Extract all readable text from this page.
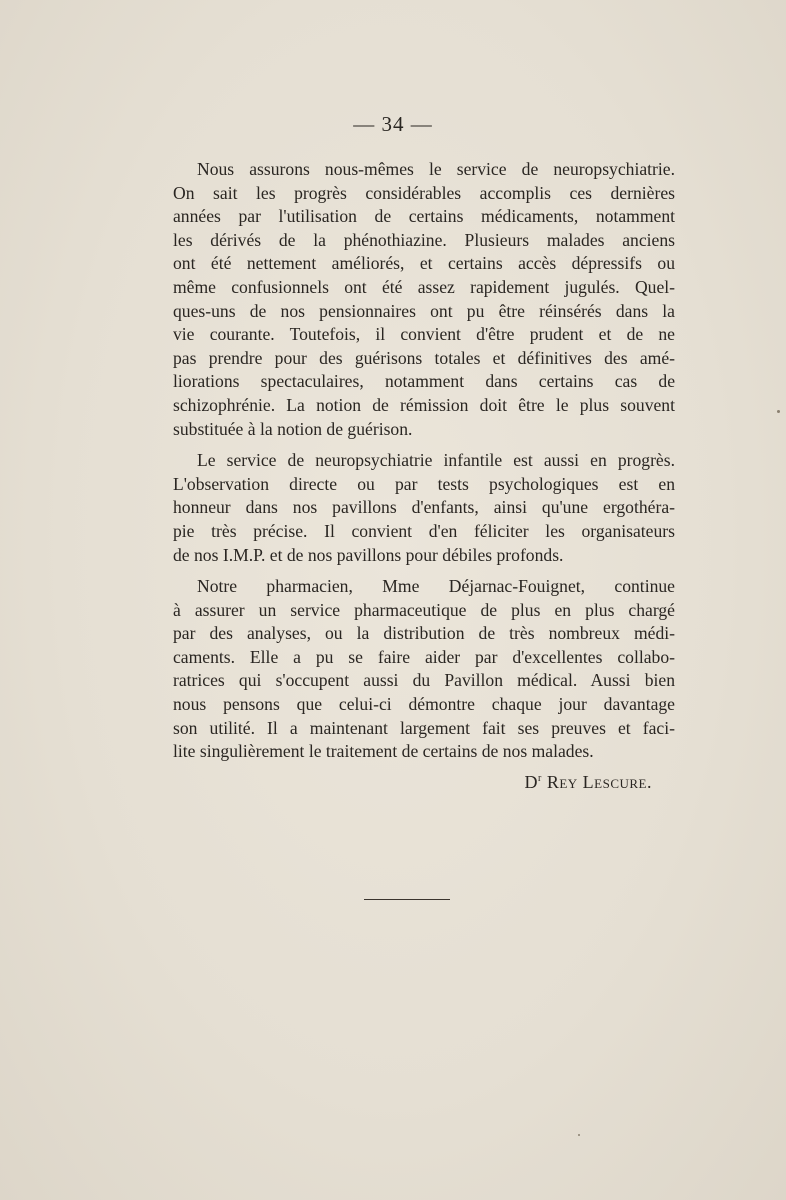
— 34 —

Nous assurons nous-mêmes le service de neuropsychiatrie.
On sait les progrès considérables accomplis ces dernières
années par l'utilisation de certains médicaments, notamment
les dérivés de la phénothiazine. Plusieurs malades anciens
ont été nettement améliorés, et certains accès dépressifs ou
même confusionnels ont été assez rapidement jugulés. Quel-
ques-uns de nos pensionnaires ont pu être réinsérés dans la
vie courante. Toutefois, il convient d'être prudent et de ne
pas prendre pour des guérisons totales et définitives des amé-
liorations spectaculaires, notamment dans certains cas de
schizophrénie. La notion de rémission doit être le plus souvent
substituée à la notion de guérison.

Le service de neuropsychiatrie infantile est aussi en progrès.
L'observation directe ou par tests psychologiques est en
honneur dans nos pavillons d'enfants, ainsi qu'une ergothéra-
pie très précise. Il convient d'en féliciter les organisateurs
de nos I.M.P. et de nos pavillons pour débiles profonds.

Notre pharmacien, Mme Déjarnac-Fouignet, continue
à assurer un service pharmaceutique de plus en plus chargé
par des analyses, ou la distribution de très nombreux médi-
caments. Elle a pu se faire aider par d'excellentes collabo-
ratrices qui s'occupent aussi du Pavillon médical. Aussi bien
nous pensons que celui-ci démontre chaque jour davantage
son utilité. Il a maintenant largement fait ses preuves et faci-
lite singulièrement le traitement de certains de nos malades.

$D^r$ Rey Lescure.
